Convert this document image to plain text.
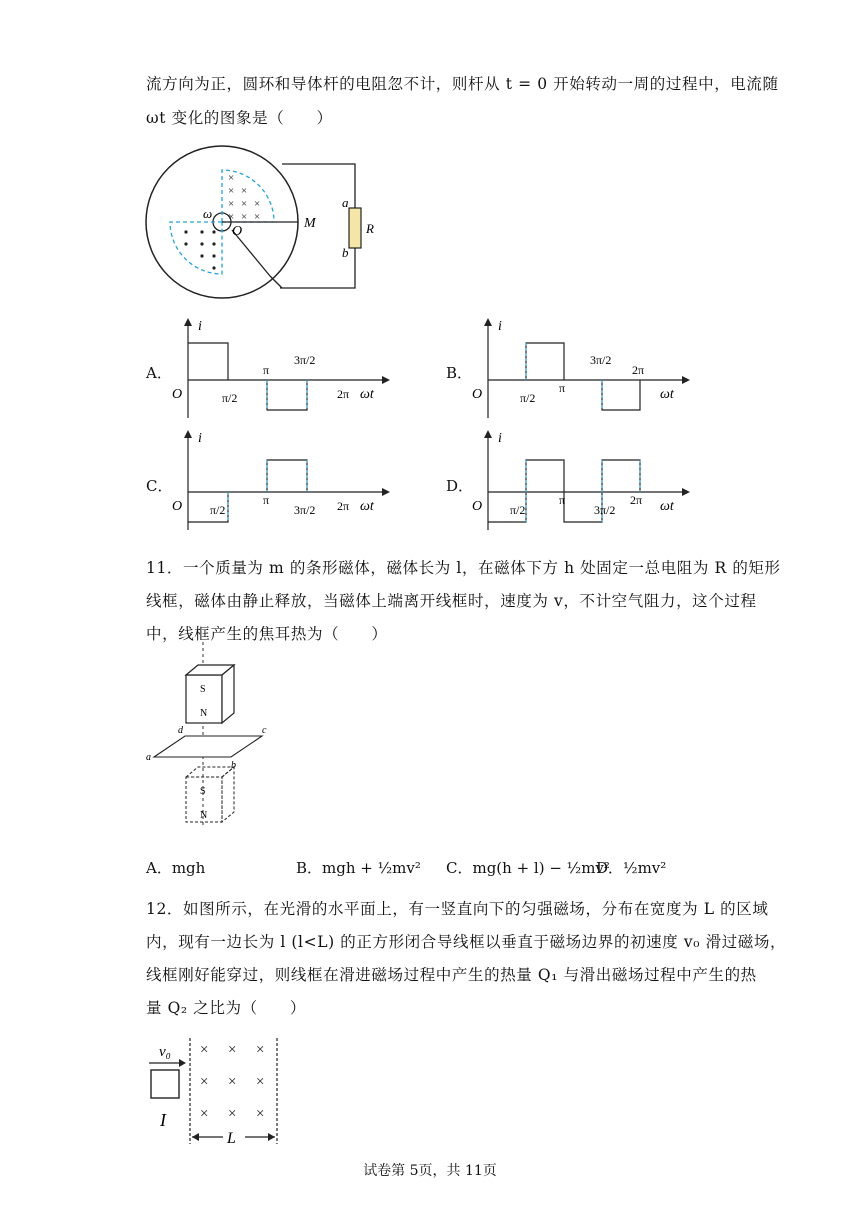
流方向为正，圆环和导体杆的电阻忽不计，则杆从 t = 0 开始转动一周的过程中，电流随
ωt 变化的图象是（　　）
×
× ×
× × ×
× × ×
ω
O
M
a
b
R
A．
i
O	ωt
π/2
π
3π/2
2π
B．
i
O	ωt
π/2
π
3π/2
2π
C．
i
O	ωt
π/2
π
3π/2 2π
D．
i
O	ωt
π/2
π
3π/2
2π
11．一个质量为 m 的条形磁体，磁体长为 l，在磁体下方 h 处固定一总电阻为 R 的矩形
线框，磁体由静止释放，当磁体上端离开线框时，速度为 v，不计空气阻力，这个过程
中，线框产生的焦耳热为（　　）
S
N
a
b
c
d
S
N
A．mgh	B．mgh + ½mv² C．mg(h + l) − ½mv²
D．½mv²
12．如图所示，在光滑的水平面上，有一竖直向下的匀强磁场，分布在宽度为 L 的区域
内，现有一边长为 l (l<L) 的正方形闭合导线框以垂直于磁场边界的初速度 v₀ 滑过磁场，
线框刚好能穿过，则线框在滑进磁场过程中产生的热量 Q₁ 与滑出磁场过程中产生的热
量 Q₂ 之比为（　　）
v₀
I
× × ×
× × ×
× × ×
L
试卷第 5页，共 11页
